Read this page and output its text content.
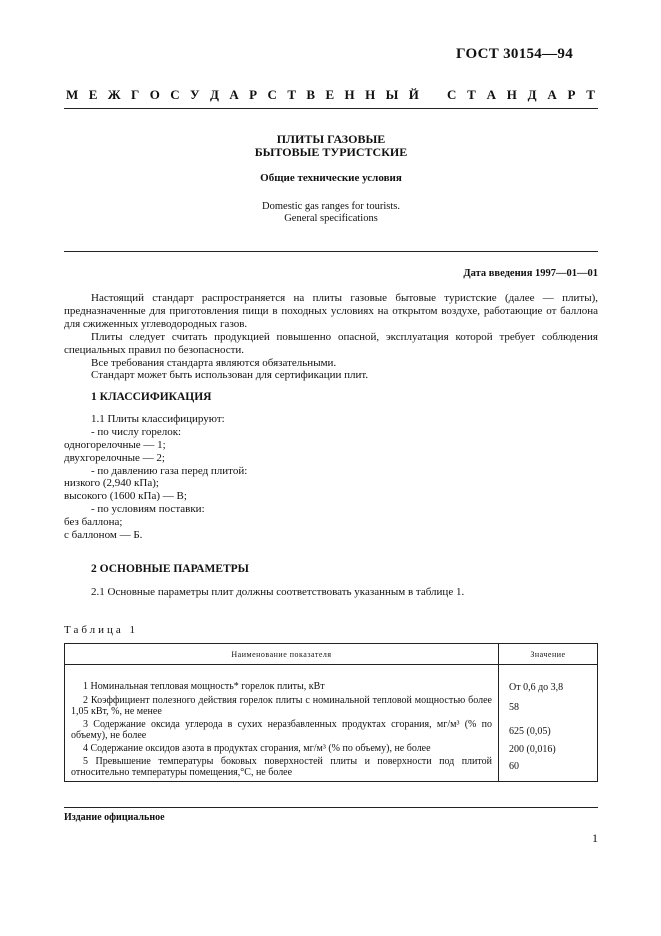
ГОСТ 30154—94
М Е Ж Г О С У Д А Р С Т В Е Н Н Ы Й С Т А Н Д А Р Т
ПЛИТЫ ГАЗОВЫЕ
БЫТОВЫЕ ТУРИСТСКИЕ
Общие технические условия
Domestic gas ranges for tourists.
General specifications
Дата введения 1997—01—01

Настоящий стандарт распространяется на плиты газовые бытовые туристские (далее — плиты), предназначенные для приготовления пищи в походных условиях на открытом воздухе, работающие от баллона для сжиженных углеводородных газов.

Плиты следует считать продукцией повышенно опасной, эксплуатация которой требует соблюдения специальных правил по безопасности.

Все требования стандарта являются обязательными.

Стандарт может быть использован для сертификации плит.

1 КЛАССИФИКАЦИЯ

1.1 Плиты классифицируют:

- по числу горелок:

одногорелочные — 1;

двухгорелочные — 2;

- по давлению газа перед плитой:

низкого (2,940 кПа);

высокого (1600 кПа) — В;

- по условиям поставки:

без баллона;

с баллоном — Б.

2 ОСНОВНЫЕ ПАРАМЕТРЫ

2.1 Основные параметры плит должны соответствовать указанным в таблице 1.

Таблица 1
Наименование показателя	Значение
1 Номинальная тепловая мощность* горелок плиты, кВт	От 0,6 до 3,8
2 Коэффициент полезного действия горелок плиты с номинальной тепловой мощностью более 1,05 кВт, %, не менее	58
3 Содержание оксида углерода в сухих неразбавленных продуктах сгорания, мг/м³ (% по объему), не более	625 (0,05)
4 Содержание оксидов азота в продуктах сгорания, мг/м³ (% по объему), не более	200 (0,016)
5 Превышение температуры боковых поверхностей плиты и поверхности под плитой относительно температуры помещения,°С, не более	60
Издание официальное
1
